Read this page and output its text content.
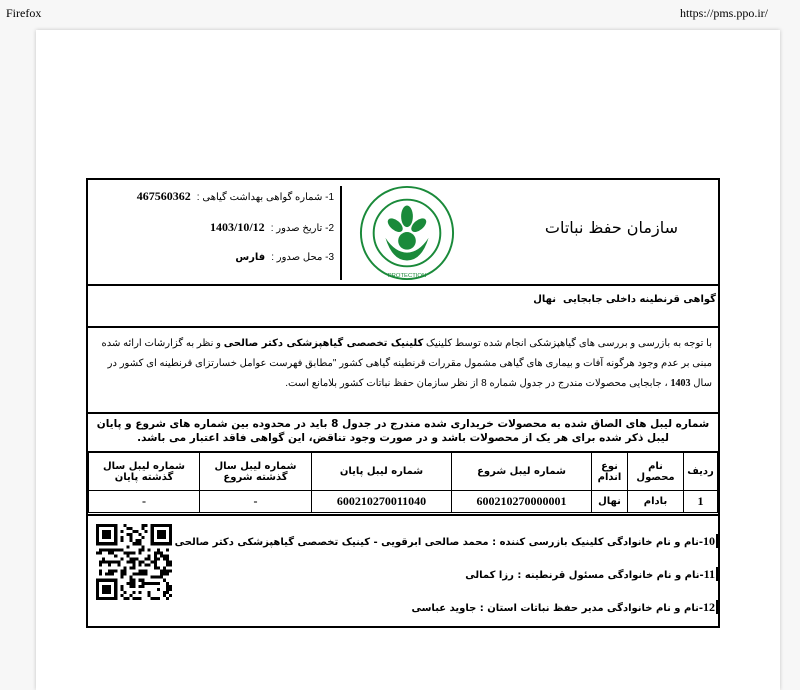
Firefox	https://pms.ppo.ir/
سازمان حفظ نباتات
PROTECTION
1- شماره گواهی بهداشت گیاهی :467560362
2- تاریخ صدور :1403/10/12
3- محل صدور :فارس
گواهی قرنطینه داخلی جابجایی  نهال
با توجه به بازرسی و بررسی های گیاهپزشکی انجام شده توسط کلینیک کلینیک تخصصی گیاهپزشکی دکتر صالحی و نظر به گزارشات ارائه شده مبنی بر عدم وجود هرگونه آفات و بیماری های گیاهی مشمول مقررات قرنطینه گیاهی کشور "مطابق فهرست عوامل خسارتزای قرنطینه ای کشور در سال 1403 ، جابجایی محصولات مندرج در جدول شماره 8 از نظر سازمان حفظ نباتات کشور بلامانع است.
شماره لیبل های الصاق شده به محصولات خریداری شده مندرج در جدول 8 باید در محدوده بین شماره های شروع و پایان لیبل ذکر شده برای هر یک از محصولات باشد و در صورت وجود تناقض، این گواهی فاقد اعتبار می باشد.
ردیف	نام محصول	نوع اندام	شماره لیبل شروع	شماره لیبل پایان	شماره لیبل سال گذشته شروع	شماره لیبل سال گذشته پایان
1	بادام	نهال	600210270000001	600210270011040	-	-
10-نام و نام خانوادگی کلینیک بازرسی کننده : محمد صالحی ابرقویی - کینیک تخصصی گیاهپزشکی دکتر صالحی
11-نام و نام خانوادگی مسئول قرنطینه : رزا کمالی
12-نام و نام خانوادگی مدیر حفظ نباتات استان : جاوید عباسی
